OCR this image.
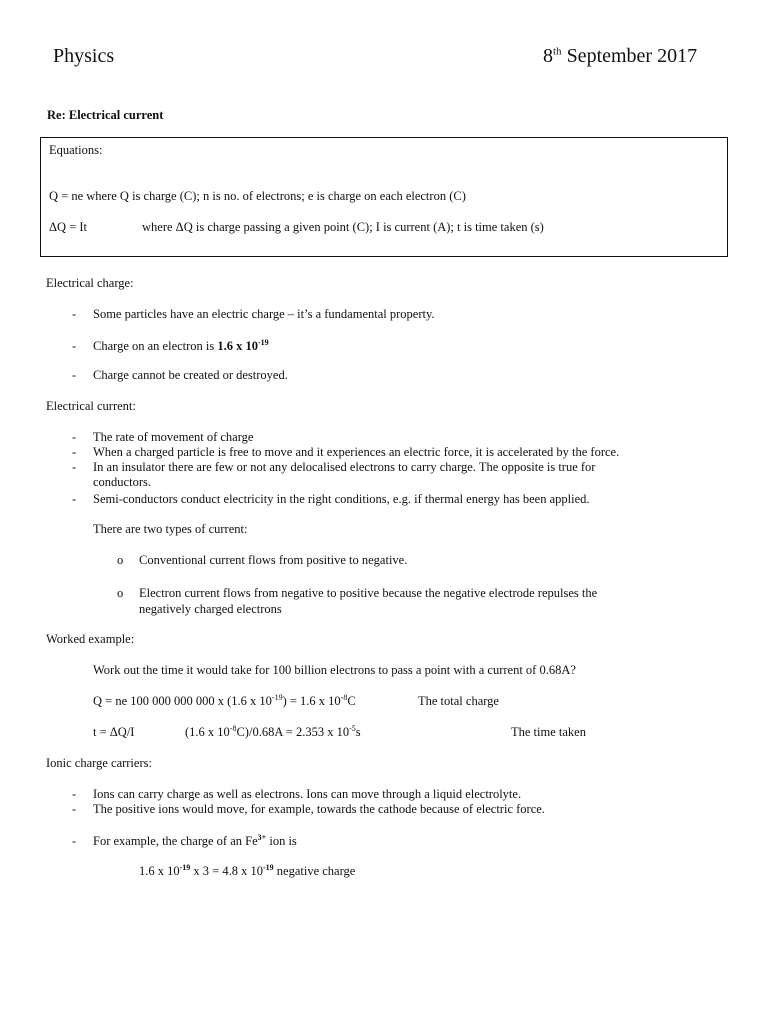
Physics	8th September 2017
Re: Electrical current
Equations:
Q = ne where Q is charge (C); n is no. of electrons; e is charge on each electron (C)
ΔQ = It	where ΔQ is charge passing a given point (C); I is current (A); t is time taken (s)
Electrical charge:
- Some particles have an electric charge – it’s a fundamental property.
- Charge on an electron is 1.6 x $10^{-19}$
- Charge cannot be created or destroyed.
Electrical current:
- The rate of movement of charge
- When a charged particle is free to move and it experiences an electric force, it is accelerated by the force.
- In an insulator there are few or not any delocalised electrons to carry charge. The opposite is true for
conductors.
- Semi-conductors conduct electricity in the right conditions, e.g. if thermal energy has been applied.
There are two types of current:
o Conventional current flows from positive to negative.
o Electron current flows from negative to positive because the negative electrode repulses the
negatively charged electrons
Worked example:
Work out the time it would take for 100 billion electrons to pass a point with a current of 0.68A?
Q = ne 100 000 000 000 x (1.6 x $10^{-19}) = 1.6$ x $10^{-8}C$	The total charge
t = ΔQ/I	(1.6 x $10^{-8}C)/0.68A = 2.353$ x $10^{-5}s$	The time taken
Ionic charge carriers:
- Ions can carry charge as well as electrons. Ions can move through a liquid electrolyte.
- The positive ions would move, for example, towards the cathode because of electric force.
- For example, the charge of an $Fe^{3+}$ ion is
1.6 x $10^{-19}$ x 3 = 4.8 x $10^{-19}$ negative charge
